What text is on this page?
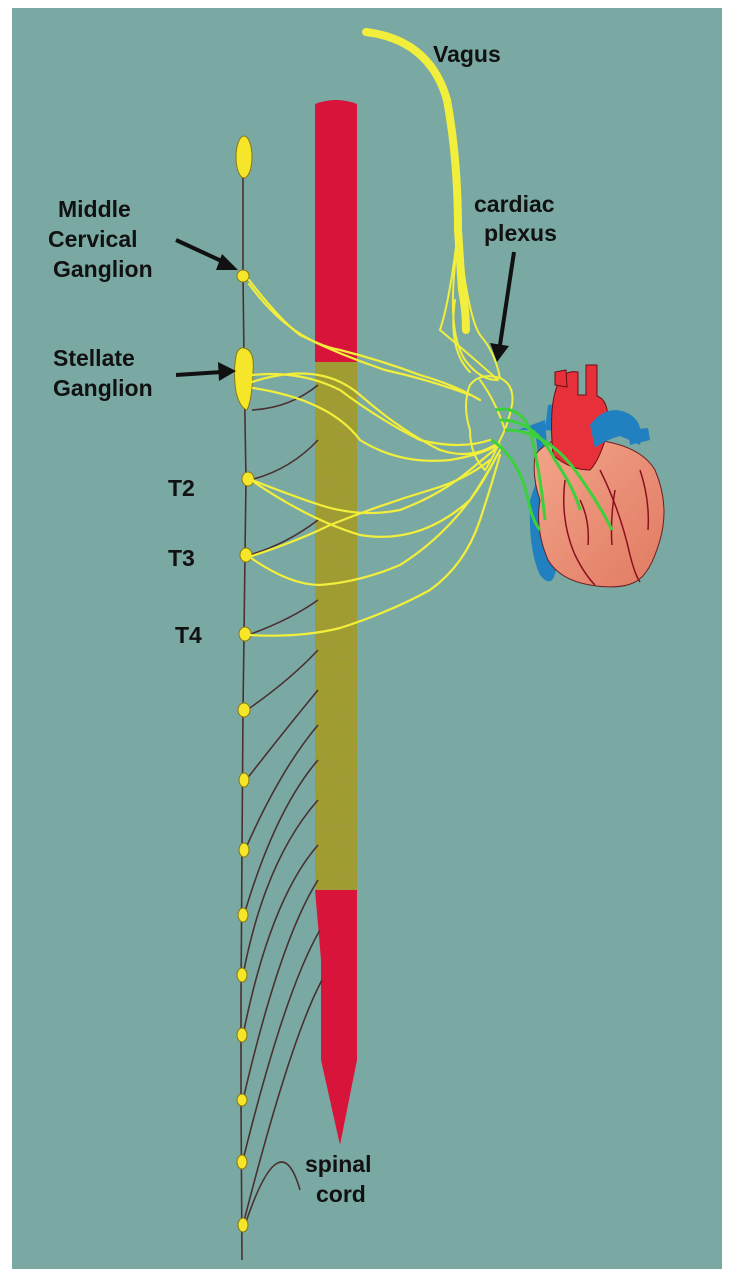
Vagus
cardiac
plexus
Middle
Cervical
Ganglion
Stellate
Ganglion
T2
T3
T4
spinal
cord
